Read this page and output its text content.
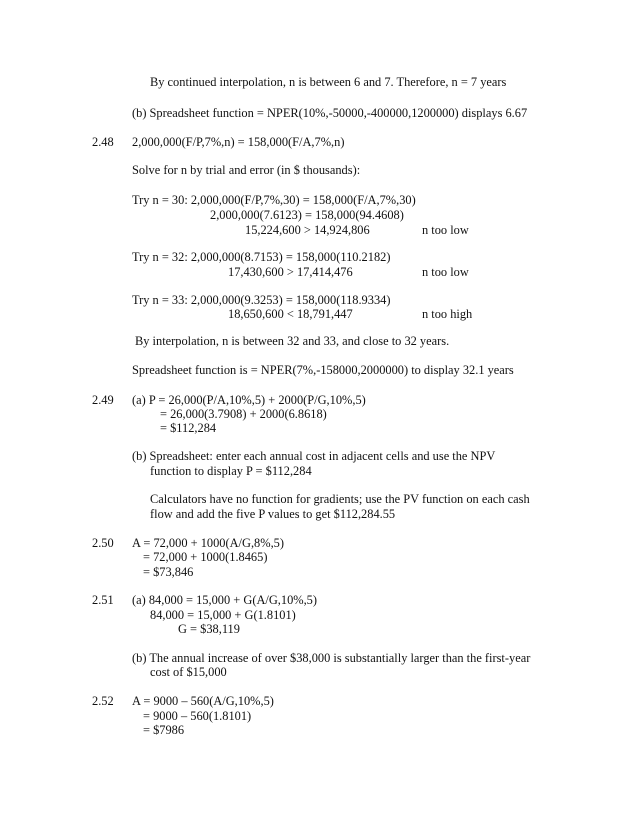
By continued interpolation, n is between 6 and 7. Therefore, n = 7 years
(b) Spreadsheet function = NPER(10%,-50000,-400000,1200000) displays 6.67
2.48 2,000,000(F/P,7%,n) = 158,000(F/A,7%,n)
Solve for n by trial and error (in $ thousands):
Try n = 30: 2,000,000(F/P,7%,30) = 158,000(F/A,7%,30)
2,000,000(7.6123) = 158,000(94.4608)
15,224,600 > 14,924,806	n too low
Try n = 32: 2,000,000(8.7153) = 158,000(110.2182)
17,430,600 > 17,414,476	n too low
Try n = 33: 2,000,000(9.3253) = 158,000(118.9334)
18,650,600 < 18,791,447	n too high
By interpolation, n is between 32 and 33, and close to 32 years.
Spreadsheet function is = NPER(7%,-158000,2000000) to display 32.1 years
2.49 (a) P = 26,000(P/A,10%,5) + 2000(P/G,10%,5)
= 26,000(3.7908) + 2000(6.8618)
= $112,284
(b) Spreadsheet: enter each annual cost in adjacent cells and use the NPV
function to display P = $112,284
Calculators have no function for gradients; use the PV function on each cash
flow and add the five P values to get $112,284.55
2.50 A = 72,000 + 1000(A/G,8%,5)
= 72,000 + 1000(1.8465)
= $73,846
2.51 (a) 84,000 = 15,000 + G(A/G,10%,5)
84,000 = 15,000 + G(1.8101)
G = $38,119
(b) The annual increase of over $38,000 is substantially larger than the first-year
cost of $15,000
2.52 A = 9000 – 560(A/G,10%,5)
= 9000 – 560(1.8101)
= $7986
